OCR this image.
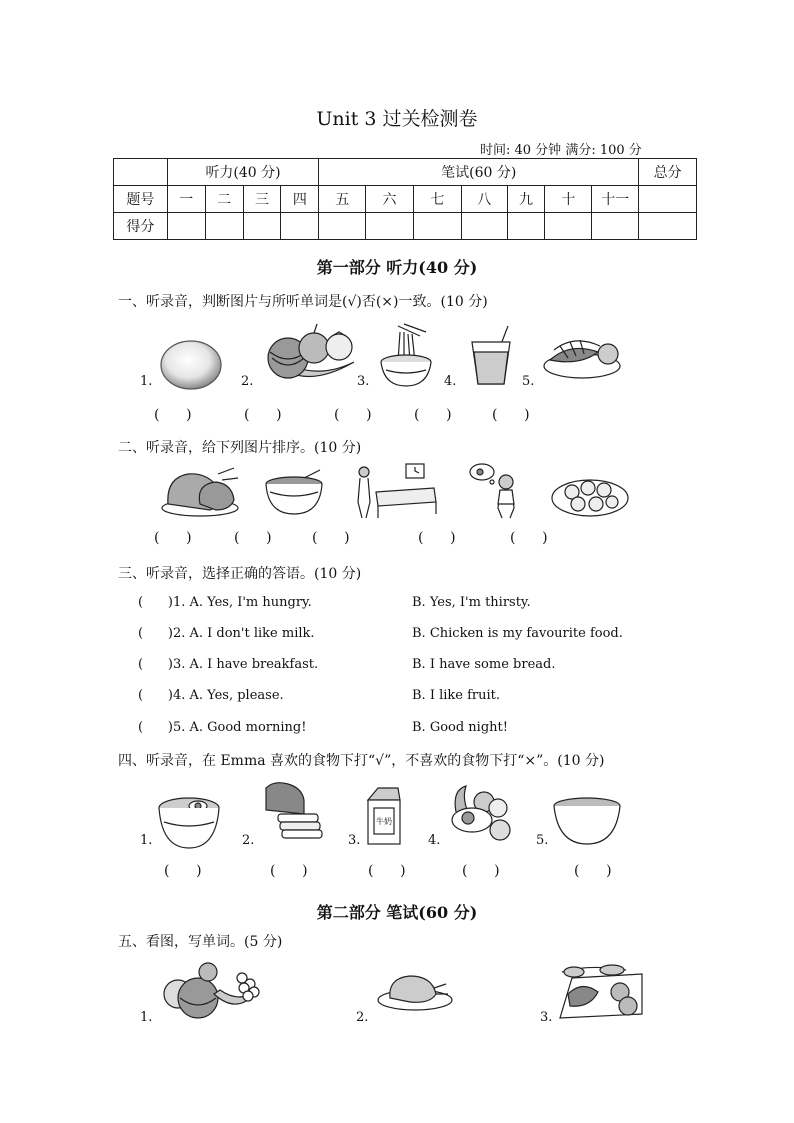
Unit 3 过关检测卷
时间: 40 分钟 满分: 100 分
	听力(40 分)				笔试(60 分)							总分
题号	一	二	三	四	五	六	七	八	九	十	十一	
得分												
第一部分 听力(40 分)
一、听录音，判断图片与所听单词是(√)否(×)一致。(10 分)
1.	2.	3.	4.	5.
(      )	(      )	(      )	(      )	(      )
二、听录音，给下列图片排序。(10 分)
(      )	(      )	(      )	(      )	(      )
三、听录音，选择正确的答语。(10 分)
(      )1. A. Yes, I'm hungry.	B. Yes, I'm thirsty.
(      )2. A. I don't like milk.	B. Chicken is my favourite food.
(      )3. A. I have breakfast.	B. I have some bread.
(      )4. A. Yes, please.	B. I like fruit.
(      )5. A. Good morning!	B. Good night!
四、听录音，在 Emma 喜欢的食物下打“√”，不喜欢的食物下打“×”。(10 分)
1.	2.	3.
牛奶
4.	5.
(      )	(      )	(      )	(      )	(      )
第二部分 笔试(60 分)
五、看图，写单词。(5 分)
1.	2.	3.
